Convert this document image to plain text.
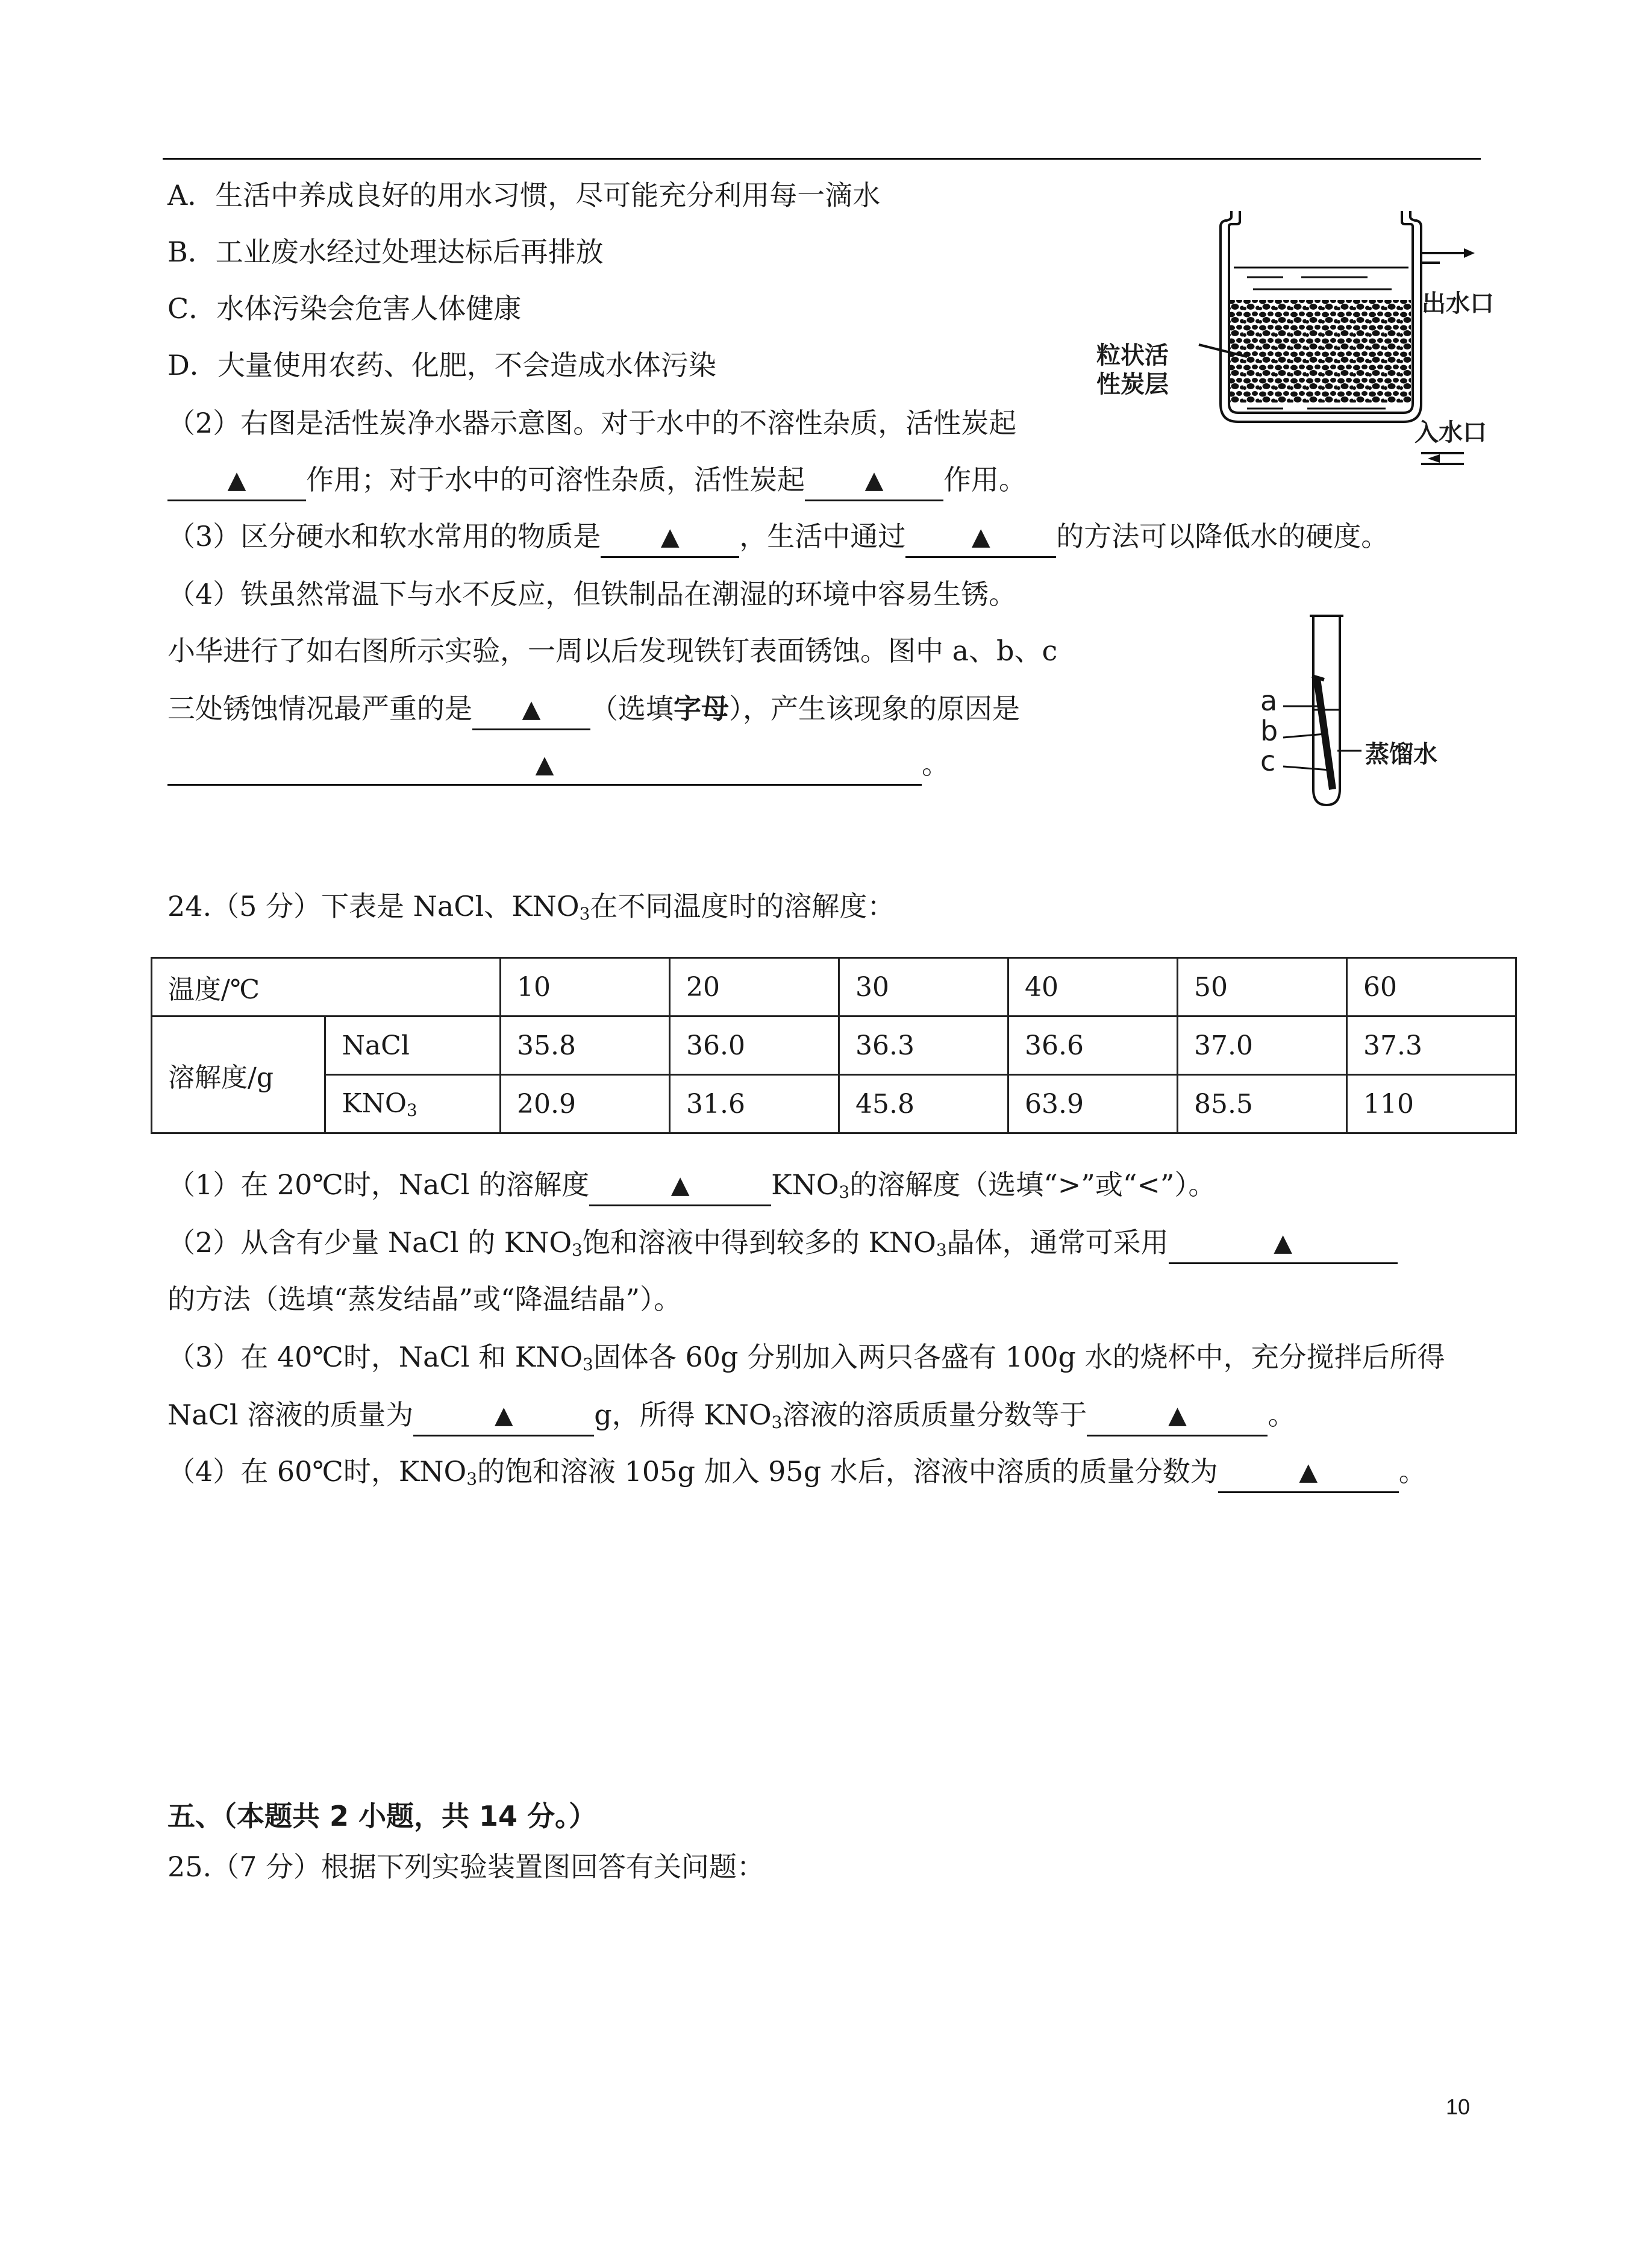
A．生活中养成良好的用水习惯，尽可能充分利用每一滴水
B．工业废水经过处理达标后再排放
C．水体污染会危害人体健康
D．大量使用农药、化肥，不会造成水体污染
（2）右图是活性炭净水器示意图。对于水中的不溶性杂质，活性炭起
▲ 作用；对于水中的可溶性杂质，活性炭起 ▲ 作用。
（3）区分硬水和软水常用的物质是 ▲ ，生活中通过	▲ 的方法可以降低水的硬度。
（4）铁虽然常温下与水不反应，但铁制品在潮湿的环境中容易生锈。
小华进行了如右图所示实验，一周以后发现铁钉表面锈蚀。图中 a、b、c
三处锈蚀情况最严重的是 ▲ （选填字母），产生该现象的原因是
▲	。
粒状活
性炭层
出水口
入水口
a
b
c	蒸馏水
24.（5 分）下表是 NaCl、$KNO_3$在不同温度时的溶解度：
温度/℃		10	20	30	40	50	60
溶解度/g	NaCl	35.8	36.0	36.3	36.6	37.0	37.3
	$KNO_3$	20.9	31.6	45.8	63.9	85.5	110
（1）在 20℃时，NaCl 的溶解度	▲	$KNO_3$的溶解度（选填“>”或“<”）。
（2）从含有少量 NaCl 的 $KNO_3$饱和溶液中得到较多的 $KNO_3$晶体，通常可采用	▲
的方法（选填“蒸发结晶”或“降温结晶”）。
（3）在 40℃时，NaCl 和 $KNO_3$固体各 60g 分别加入两只各盛有 100g 水的烧杯中，充分搅拌后所得
NaCl 溶液的质量为	▲	g，所得 $KNO_3$溶液的溶质质量分数等于	▲	。
（4）在 60℃时，$KNO_3$的饱和溶液 105g 加入 95g 水后，溶液中溶质的质量分数为	▲	。
五、（本题共 2 小题，共 14 分。）
25.（7 分）根据下列实验装置图回答有关问题：
10
